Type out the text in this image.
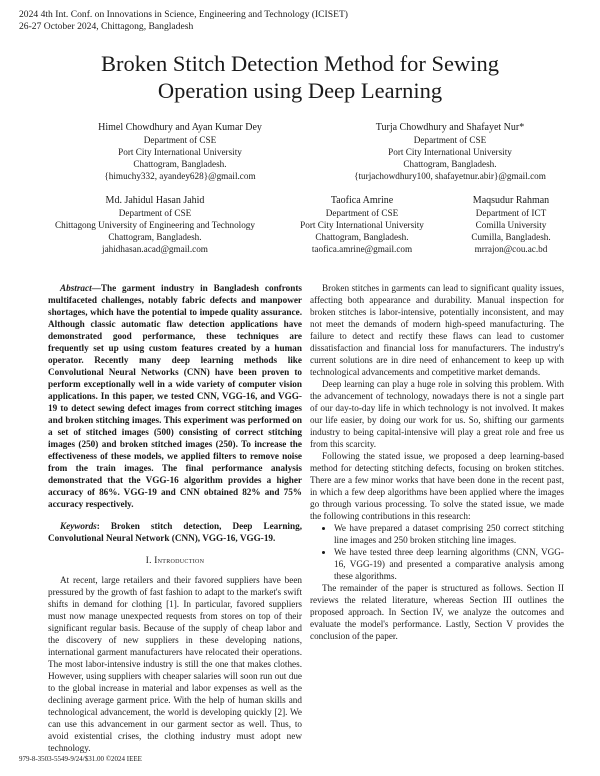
2024 4th Int. Conf. on Innovations in Science, Engineering and Technology (ICISET)
26-27 October 2024, Chittagong, Bangladesh
Broken Stitch Detection Method for Sewing
Operation using Deep Learning
Himel Chowdhury and Ayan Kumar Dey
Department of CSE
Port City International University
Chattogram, Bangladesh.
{himuchy332, ayandey628}@gmail.com
Turja Chowdhury and Shafayet Nur*
Department of CSE
Port City International University
Chattogram, Bangladesh.
{turjachowdhury100, shafayetnur.abir}@gmail.com
Md. Jahidul Hasan Jahid
Department of CSE
Chittagong University of Engineering and Technology
Chattogram, Bangladesh.
jahidhasan.acad@gmail.com
Taofica Amrine
Department of CSE
Port City International University
Chattogram, Bangladesh.
taofica.amrine@gmail.com
Maqsudur Rahman
Department of ICT
Comilla University
Cumilla, Bangladesh.
mrrajon@cou.ac.bd

Abstract—The garment industry in Bangladesh confronts multifaceted challenges, notably fabric defects and manpower shortages, which have the potential to impede quality assurance. Although classic automatic flaw detection applications have demonstrated good performance, these techniques are frequently set up using custom features created by a human operator. Recently many deep learning methods like Convolutional Neural Networks (CNN) have been proven to perform exceptionally well in a wide variety of computer vision applications. In this paper, we tested CNN, VGG-16, and VGG-19 to detect sewing defect images from correct stitching images and broken stitching images. This experiment was performed on a set of stitched images (500) consisting of correct stitching images (250) and broken stitched images (250). To increase the effectiveness of these models, we applied filters to remove noise from the train images. The final performance analysis demonstrated that the VGG-16 algorithm provides a higher accuracy of 86%. VGG-19 and CNN obtained 82% and 75% accuracy respectively.

Keywords: Broken stitch detection, Deep Learning, Convolutional Neural Network (CNN), VGG-16, VGG-19.

I. Introduction

At recent, large retailers and their favored suppliers have been pressured by the growth of fast fashion to adapt to the market's swift shifts in demand for clothing [1]. In particular, favored suppliers must now manage unexpected requests from stores on top of their significant regular basis. Because of the supply of cheap labor and the discovery of new suppliers in these developing nations, international garment manufacturers have relocated their operations. The most labor-intensive industry is still the one that makes clothes. However, using suppliers with cheaper salaries will soon run out due to the global increase in material and labor expenses as well as the declining average garment price. With the help of human skills and technological advancement, the world is developing quickly [2]. We can use this advancement in our garment sector as well. Thus, to avoid existential crises, the clothing industry must adopt new technology.

Broken stitches in garments can lead to significant quality issues, affecting both appearance and durability. Manual inspection for broken stitches is labor-intensive, potentially inconsistent, and may not meet the demands of modern high-speed manufacturing. The failure to detect and rectify these flaws can lead to customer dissatisfaction and financial loss for manufacturers. The industry's current solutions are in dire need of enhancement to keep up with technological advancements and competitive market demands.

Deep learning can play a huge role in solving this problem. With the advancement of technology, nowadays there is not a single part of our day-to-day life in which technology is not involved. It makes our life easier, by doing our work for us. So, shifting our garments industry to being capital-intensive will play a great role and free us from this scarcity.

Following the stated issue, we proposed a deep learning-based method for detecting stitching defects, focusing on broken stitches. There are a few minor works that have been done in the recent past, in which a few deep algorithms have been applied where the images go through various processing. To solve the stated issue, we made the following contributions in this research:

• We have prepared a dataset comprising 250 correct stitching line images and 250 broken stitching line images.
• We have tested three deep learning algorithms (CNN, VGG-16, VGG-19) and presented a comparative analysis among these algorithms.

The remainder of the paper is structured as follows. Section II reviews the related literature, whereas Section III outlines the proposed approach. In Section IV, we analyze the outcomes and evaluate the model's performance. Lastly, Section V provides the conclusion of the paper.

979-8-3503-5549-9/24/$31.00 ©2024 IEEE
